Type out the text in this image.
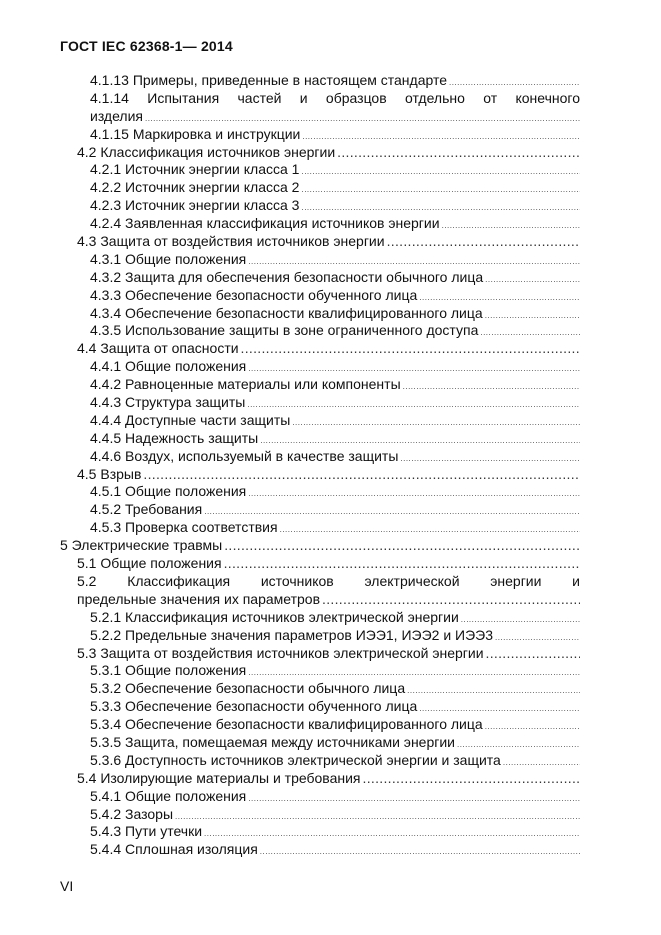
ГОСТ IEC 62368-1— 2014
4.1.13 Примеры, приведенные в настоящем стандарте
.....
4.1.14 Испытания частей и образцов отдельно от конечного
изделия
.....
4.1.15 Маркировка и инструкции
.....
4.2 Классификация источников энергии
.....
4.2.1 Источник энергии класса 1
.....
4.2.2 Источник энергии класса 2
.....
4.2.3 Источник энергии класса 3
.....
4.2.4 Заявленная классификация источников энергии
.....
4.3 Защита от воздействия источников энергии
.....
4.3.1 Общие положения
.....
4.3.2 Защита для обеспечения безопасности обычного лица
.....
4.3.3 Обеспечение безопасности обученного лица
.....
4.3.4 Обеспечение безопасности квалифицированного лица
.....
4.3.5 Использование защиты в зоне ограниченного доступа
.....
4.4 Защита от опасности
.....
4.4.1 Общие положения
.....
4.4.2 Равноценные материалы или компоненты
.....
4.4.3 Структура защиты
.....
4.4.4 Доступные части защиты
.....
4.4.5 Надежность защиты
.....
4.4.6 Воздух, используемый в качестве защиты
.....
4.5 Взрыв
.....
4.5.1 Общие положения
.....
4.5.2 Требования
.....
4.5.3 Проверка соответствия
.....
5 Электрические травмы
.....
5.1 Общие положения
.....
5.2 Классификация источников электрической энергии и
предельные значения их параметров
.....
5.2.1 Классификация источников электрической энергии
.....
5.2.2 Предельные значения параметров ИЭЭ1, ИЭЭ2 и ИЭЭ3
.....
5.3 Защита от воздействия источников электрической энергии
.....
5.3.1 Общие положения
.....
5.3.2 Обеспечение безопасности обычного лица
.....
5.3.3 Обеспечение безопасности обученного лица
.....
5.3.4 Обеспечение безопасности квалифицированного лица
.....
5.3.5 Защита, помещаемая между источниками энергии
.....
5.3.6 Доступность источников электрической энергии и защита
.....
5.4 Изолирующие материалы и требования
.....
5.4.1 Общие положения
.....
5.4.2 Зазоры
.....
5.4.3 Пути утечки
.....
5.4.4 Сплошная изоляция
.....
VI
